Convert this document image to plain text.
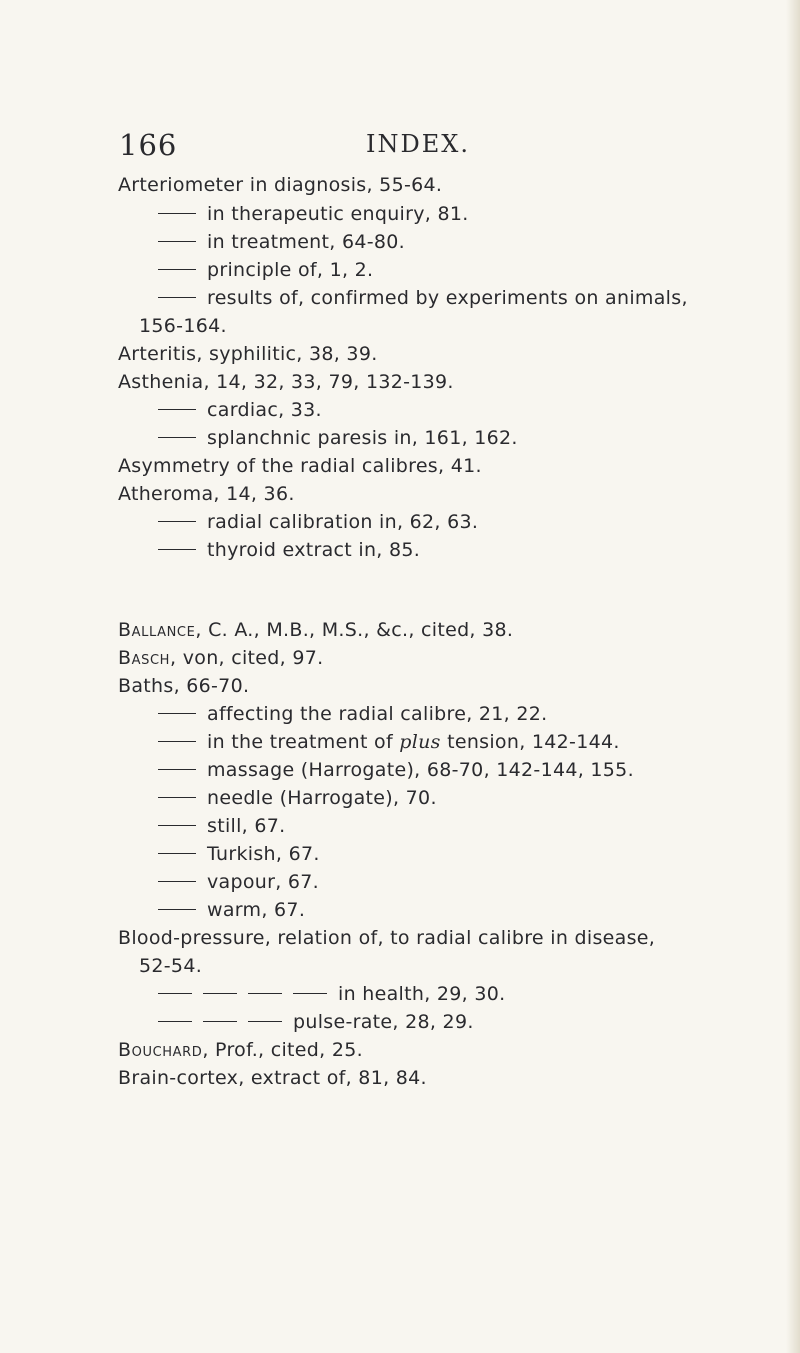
166	INDEX.
Arteriometer in diagnosis, 55-64.
in therapeutic enquiry, 81.
in treatment, 64-80.
principle of, 1, 2.
results of, confirmed by experiments on animals,
156-164.
Arteritis, syphilitic, 38, 39.
Asthenia, 14, 32, 33, 79, 132-139.
cardiac, 33.
splanchnic paresis in, 161, 162.
Asymmetry of the radial calibres, 41.
Atheroma, 14, 36.
radial calibration in, 62, 63.
thyroid extract in, 85.
Ballance, C. A., M.B., M.S., &c., cited, 38.
Basch, von, cited, 97.
Baths, 66-70.
affecting the radial calibre, 21, 22.
in the treatment of plus tension, 142-144.
massage (Harrogate), 68-70, 142-144, 155.
needle (Harrogate), 70.
still, 67.
Turkish, 67.
vapour, 67.
warm, 67.
Blood-pressure, relation of, to radial calibre in disease,
52-54.
in health, 29, 30.
pulse-rate, 28, 29.
Bouchard, Prof., cited, 25.
Brain-cortex, extract of, 81, 84.
